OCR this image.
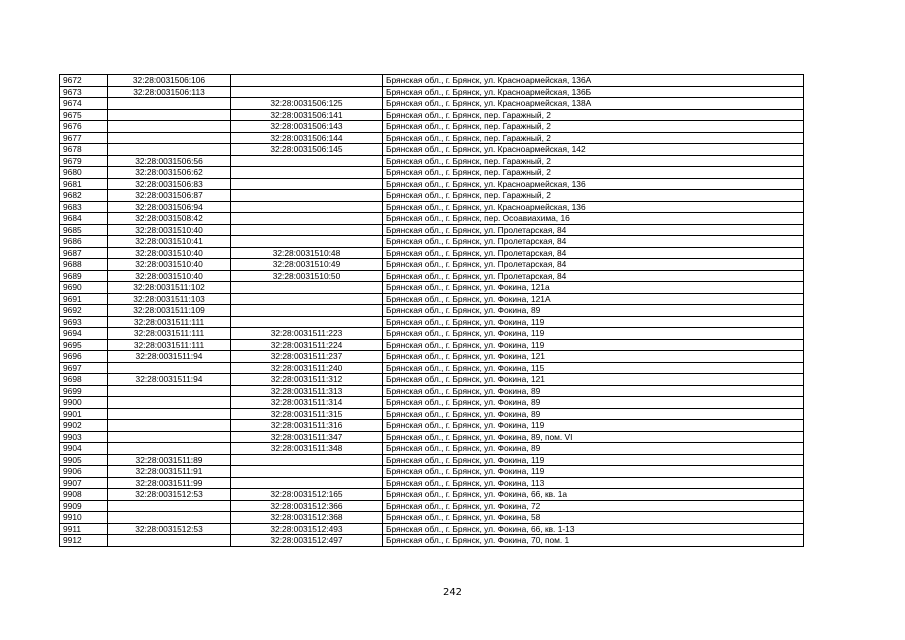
9672	32:28:0031506:106		Брянская обл., г. Брянск, ул. Красноармейская, 136А
9673	32:28:0031506:113		Брянская обл., г. Брянск, ул. Красноармейская, 136Б
9674		32:28:0031506:125	Брянская обл., г. Брянск, ул. Красноармейская, 138А
9675		32:28:0031506:141	Брянская обл., г. Брянск, пер. Гаражный, 2
9676		32:28:0031506:143	Брянская обл., г. Брянск, пер. Гаражный, 2
9677		32:28:0031506:144	Брянская обл., г. Брянск, пер. Гаражный, 2
9678		32:28:0031506:145	Брянская обл., г. Брянск, ул. Красноармейская, 142
9679	32:28:0031506:56		Брянская обл., г. Брянск, пер. Гаражный, 2
9680	32:28:0031506:62		Брянская обл., г. Брянск, пер. Гаражный, 2
9681	32:28:0031506:83		Брянская обл., г. Брянск, ул. Красноармейская, 136
9682	32:28:0031506:87		Брянская обл., г. Брянск, пер. Гаражный, 2
9683	32:28:0031506:94		Брянская обл., г. Брянск, ул. Красноармейская, 136
9684	32:28:0031508:42		Брянская обл., г. Брянск, пер. Осоавиахима, 16
9685	32:28:0031510:40		Брянская обл., г. Брянск, ул. Пролетарская, 84
9686	32:28:0031510:41		Брянская обл., г. Брянск, ул. Пролетарская, 84
9687	32:28:0031510:40	32:28:0031510:48	Брянская обл., г. Брянск, ул. Пролетарская, 84
9688	32:28:0031510:40	32:28:0031510:49	Брянская обл., г. Брянск, ул. Пролетарская, 84
9689	32:28:0031510:40	32:28:0031510:50	Брянская обл., г. Брянск, ул. Пролетарская, 84
9690	32:28:0031511:102		Брянская обл., г. Брянск, ул. Фокина, 121а
9691	32:28:0031511:103		Брянская обл., г. Брянск, ул. Фокина, 121А
9692	32:28:0031511:109		Брянская обл., г. Брянск, ул. Фокина, 89
9693	32:28:0031511:111		Брянская обл., г. Брянск, ул. Фокина, 119
9694	32:28:0031511:111	32:28:0031511:223	Брянская обл., г. Брянск, ул. Фокина, 119
9695	32:28:0031511:111	32:28:0031511:224	Брянская обл., г. Брянск, ул. Фокина, 119
9696	32:28:0031511:94	32:28:0031511:237	Брянская обл., г. Брянск, ул. Фокина, 121
9697		32:28:0031511:240	Брянская обл., г. Брянск, ул. Фокина, 115
9698	32:28:0031511:94	32:28:0031511:312	Брянская обл., г. Брянск, ул. Фокина, 121
9699		32:28:0031511:313	Брянская обл., г. Брянск, ул. Фокина, 89
9900		32:28:0031511:314	Брянская обл., г. Брянск, ул. Фокина, 89
9901		32:28:0031511:315	Брянская обл., г. Брянск, ул. Фокина, 89
9902		32:28:0031511:316	Брянская обл., г. Брянск, ул. Фокина, 119
9903		32:28:0031511:347	Брянская обл., г. Брянск, ул. Фокина, 89, пом. VI
9904		32:28:0031511:348	Брянская обл., г. Брянск, ул. Фокина, 89
9905	32:28:0031511:89		Брянская обл., г. Брянск, ул. Фокина, 119
9906	32:28:0031511:91		Брянская обл., г. Брянск, ул. Фокина, 119
9907	32:28:0031511:99		Брянская обл., г. Брянск, ул. Фокина, 113
9908	32:28:0031512:53	32:28:0031512:165	Брянская обл., г. Брянск, ул. Фокина, 66, кв. 1а
9909		32:28:0031512:366	Брянская обл., г. Брянск, ул. Фокина, 72
9910		32:28:0031512:368	Брянская обл., г. Брянск, ул. Фокина, 58
9911	32:28:0031512:53	32:28:0031512:493	Брянская обл., г. Брянск, ул. Фокина, 66, кв. 1-13
9912		32:28:0031512:497	Брянская обл., г. Брянск, ул. Фокина, 70, пом. 1
242
